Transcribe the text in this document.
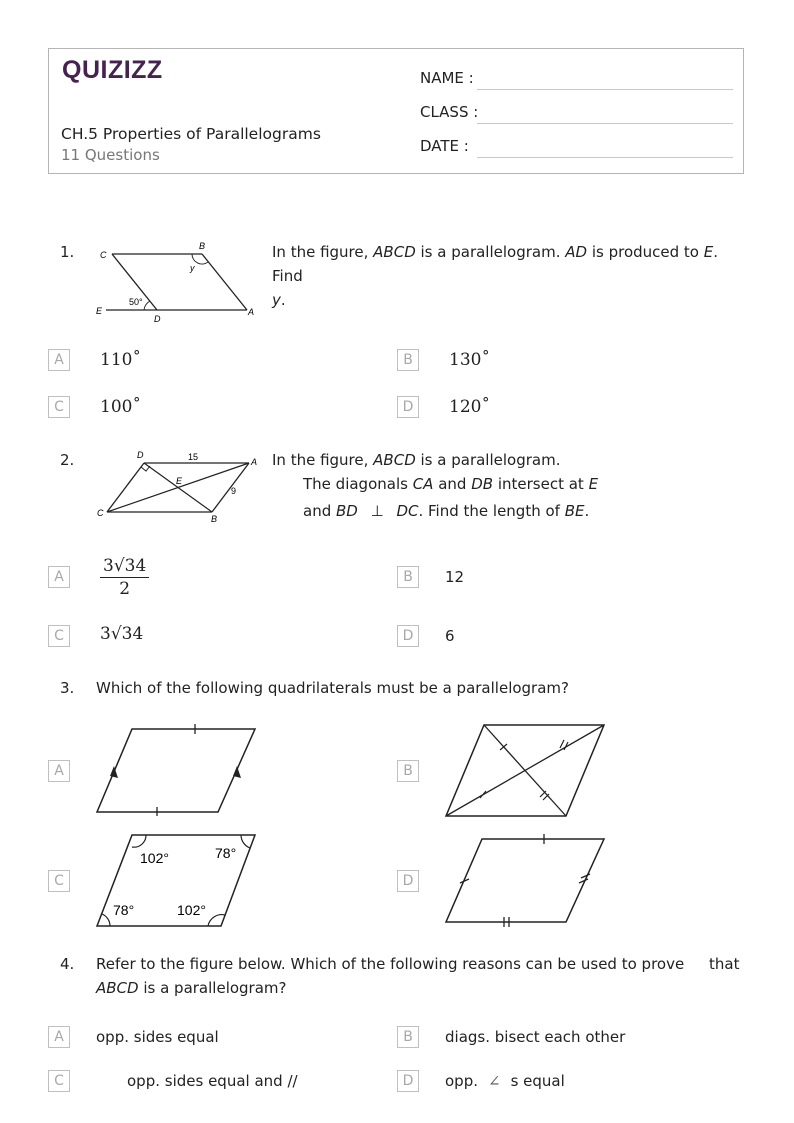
QUIZIZZ
CH.5 Properties of Parallelograms
11 Questions
NAME :
CLASS :
DATE :
1.	C
B
y
50°
E
D
A
In the figure, ABCD is a parallelogram. AD is produced to E. Find
y.
A	110˚	B	130˚
C	100˚	D	120˚
2.	D	15	A
E
9
C
B
In the figure, ABCD is a parallelogram.
The diagonals CA and DB intersect at E
and BD ⊥ DC. Find the length of BE.
A	$\frac{3√34}{2}$	B	12
C	3√34	D	6
3. Which of the following quadrilaterals must be a parallelogram?
A	B
C
102°	78°
78°	102°
D
4. Refer to the figure below. Which of the following reasons can be used to prove that
ABCD is a parallelogram?
A	opp. sides equal	B	diags. bisect each other
C	opp. sides equal and //	D	opp. ∠ s equal
